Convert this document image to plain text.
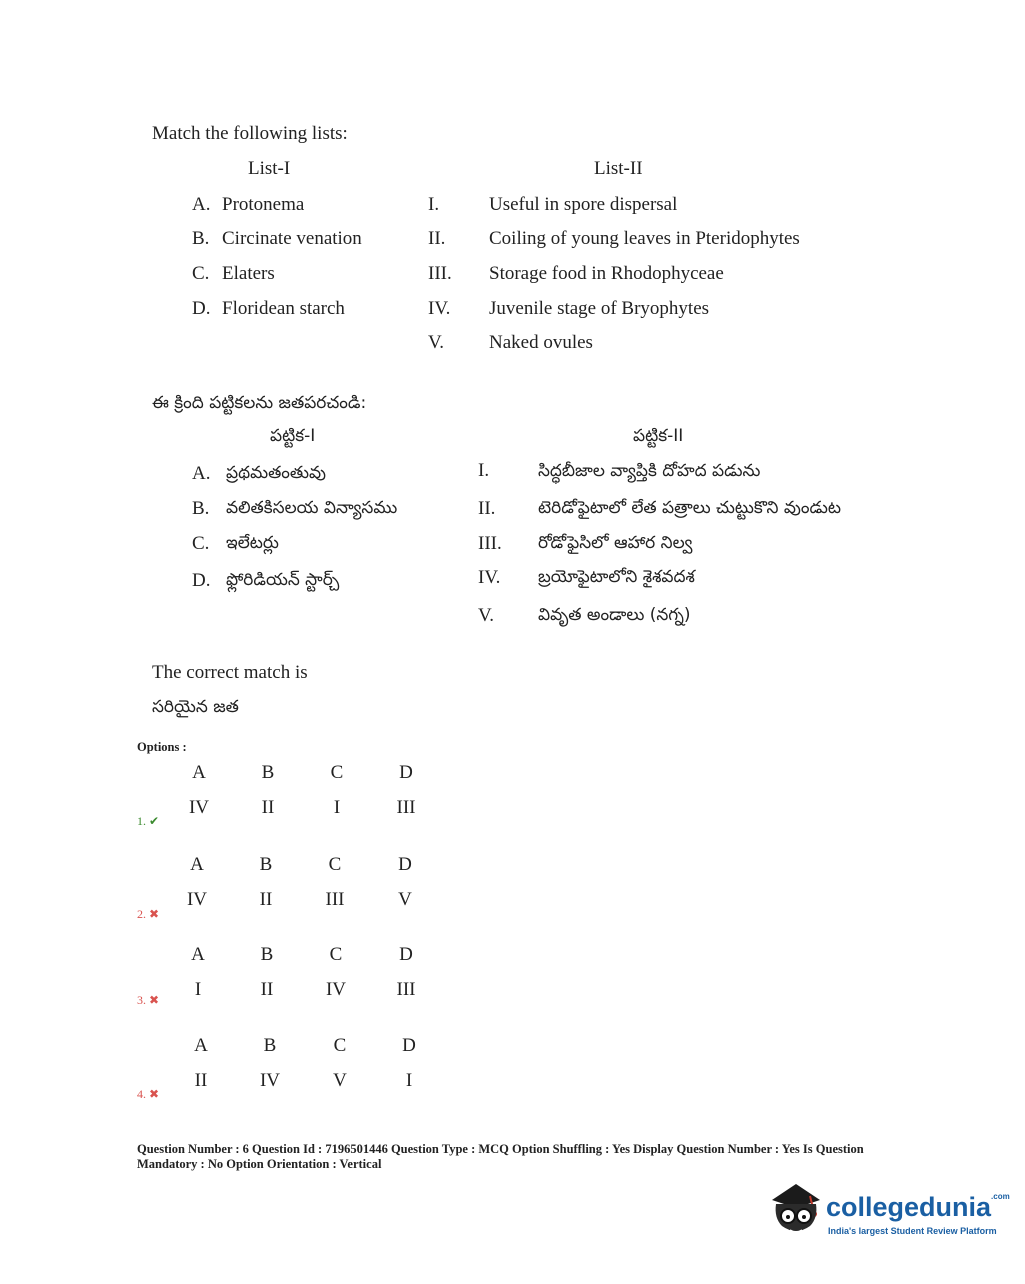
Match the following lists:
List-I	List-II
A. Protonema
B. Circinate venation
C. Elaters
D. Floridean starch
I.	Useful in spore dispersal
II. Coiling of young leaves in Pteridophytes
III. Storage food in Rhodophyceae
IV. Juvenile stage of Bryophytes
V. Naked ovules
ఈ క్రింది పట్టికలను జతపరచండి:
పట్టిక-I	పట్టిక-II
A. ప్రథమతంతువు
B. వలితకిసలయ విన్యాసము
C. ఇలేటర్లు
D. ఫ్లోరిడియన్ స్టార్చ్
I.	సిద్ధబీజాల వ్యాప్తికి దోహద పడును
II.	టెరిడోఫైటాలో లేత పత్రాలు చుట్టుకొని వుండుట
III. రోడోఫైసిలో ఆహార నిల్వ
IV. బ్రయోఫైటాలోని శైశవదశ
V.	వివృత అండాలు (నగ్న)
The correct match is
సరియైన జత
Options :
A	B	C	D
IV	II	I	III
1. ✔
A	B	C	D
IV	II	III	V
2. ✖
A	B	C	D
I	II	IV	III
3. ✖
A	B	C	D
II	IV	V	I
4. ✖
Question Number : 6 Question Id : 7196501446 Question Type : MCQ Option Shuffling : Yes Display Question Number : Yes Is Question
Mandatory : No Option Orientation : Vertical
collegedunia$^{.com}$
India's largest Student Review Platform
